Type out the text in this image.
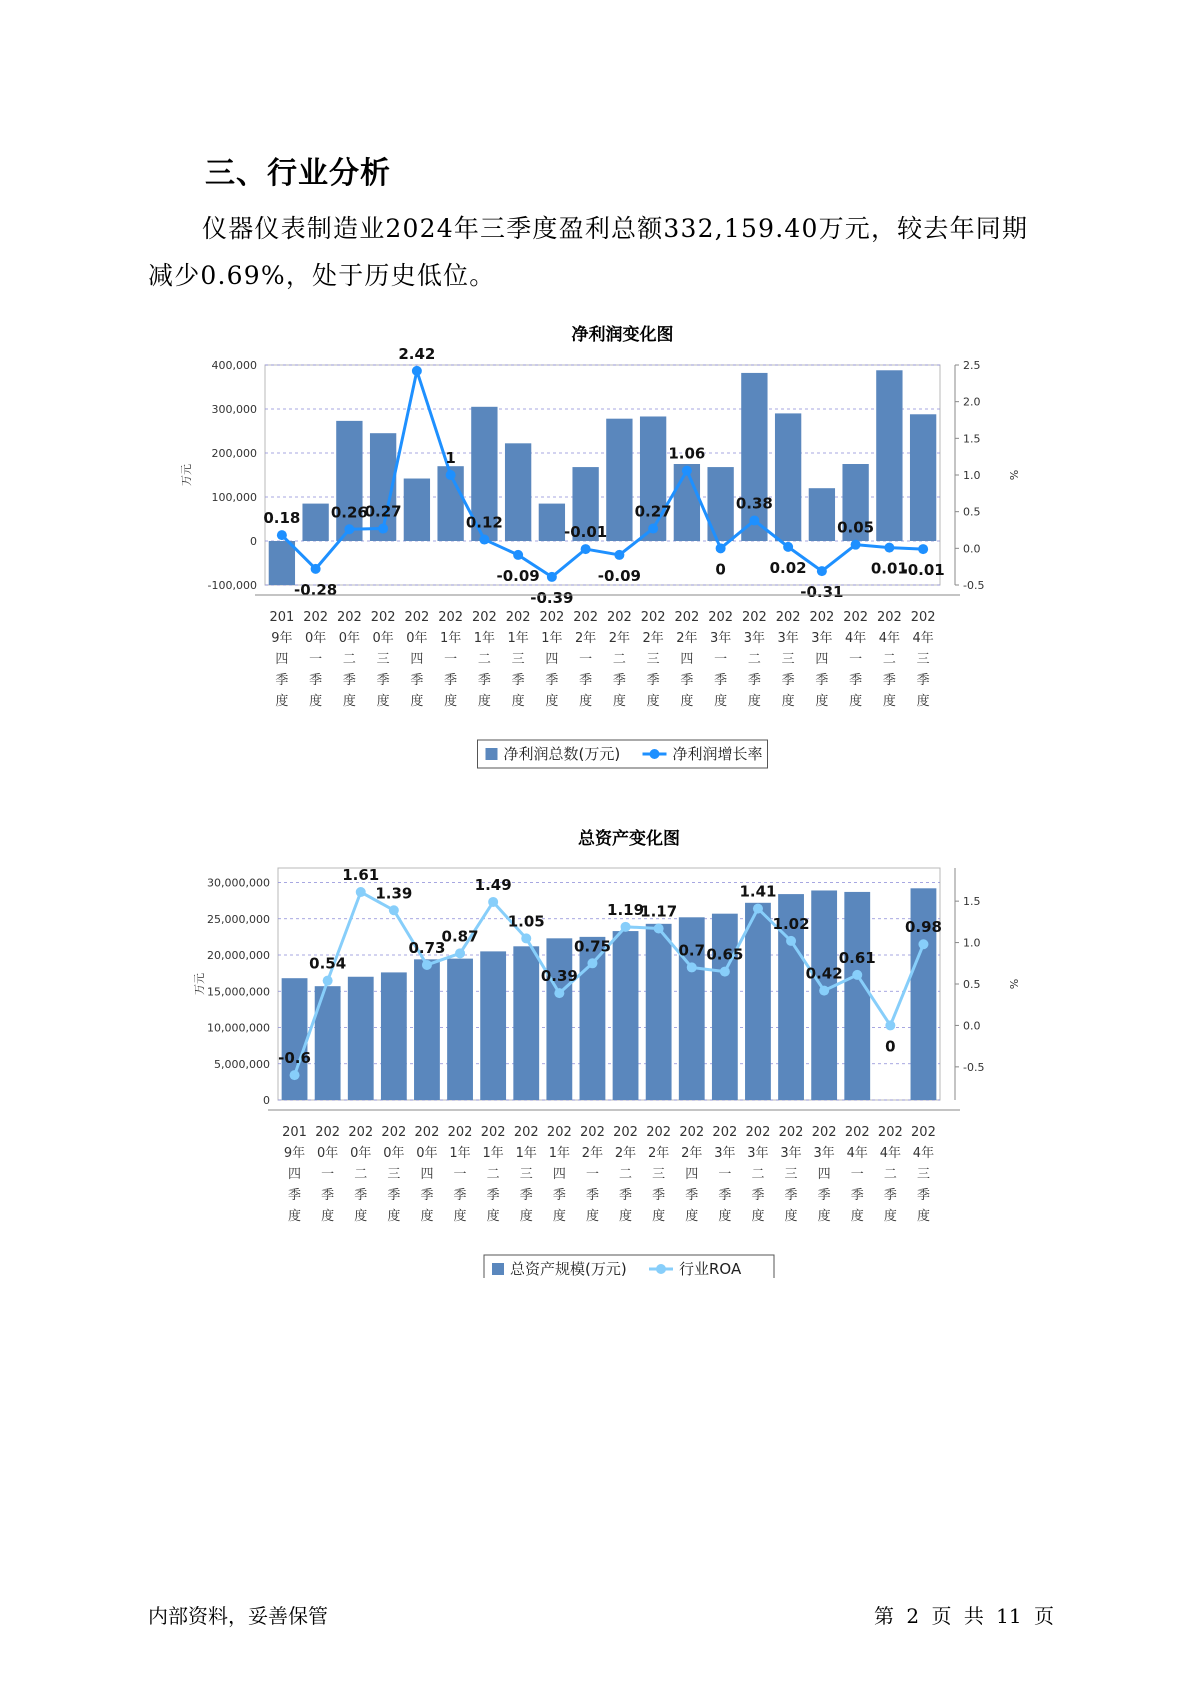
三、行业分析
仪器仪表制造业2024年三季度盈利总额332,159.40万元，较去年同期减少0.69%，处于历史低位。
净利润变化图
-100,000
0
100,000
200,000
300,000
400,000
万元
-0.5
0.0
0.5
1.0
1.5
2.0
2.5
%
0.18
-0.28
0.26
0.27
2.42
1
0.12
-0.09
-0.39
-0.01
-0.09
0.27
1.06
0
0.38
0.02
-0.31
0.05
0.01
-0.01
201
9年
四
季
度
202
0年
一
季
度
202
0年
二
季
度
202
0年
三
季
度
202
0年
四
季
度
202
1年
一
季
度
202
1年
二
季
度
202
1年
三
季
度
202
1年
四
季
度
202
2年
一
季
度
202
2年
二
季
度
202
2年
三
季
度
202
2年
四
季
度
202
3年
一
季
度
202
3年
二
季
度
202
3年
三
季
度
202
3年
四
季
度
202
4年
一
季
度
202
4年
二
季
度
202
4年
三
季
度
净利润总数(万元)	净利润增长率
总资产变化图
0
5,000,000
10,000,000
15,000,000
20,000,000
25,000,000
30,000,000
万元
-0.5
0.0
0.5
1.0
1.5
%
-0.6
0.54
1.61
1.39
0.73
0.87
1.49
1.05
0.39
0.75
1.19
1.17
0.7 0.65
1.41
1.02
0.42
0.61
0
0.98
201
9年
四
季
度
202
0年
一
季
度
202
0年
二
季
度
202
0年
三
季
度
202
0年
四
季
度
202
1年
一
季
度
202
1年
二
季
度
202
1年
三
季
度
202
1年
四
季
度
202
2年
一
季
度
202
2年
二
季
度
202
2年
三
季
度
202
2年
四
季
度
202
3年
一
季
度
202
3年
二
季
度
202
3年
三
季
度
202
3年
四
季
度
202
4年
一
季
度
202
4年
二
季
度
202
4年
三
季
度
总资产规模(万元)	行业ROA
内部资料，妥善保管	第 2 页 共 11 页
